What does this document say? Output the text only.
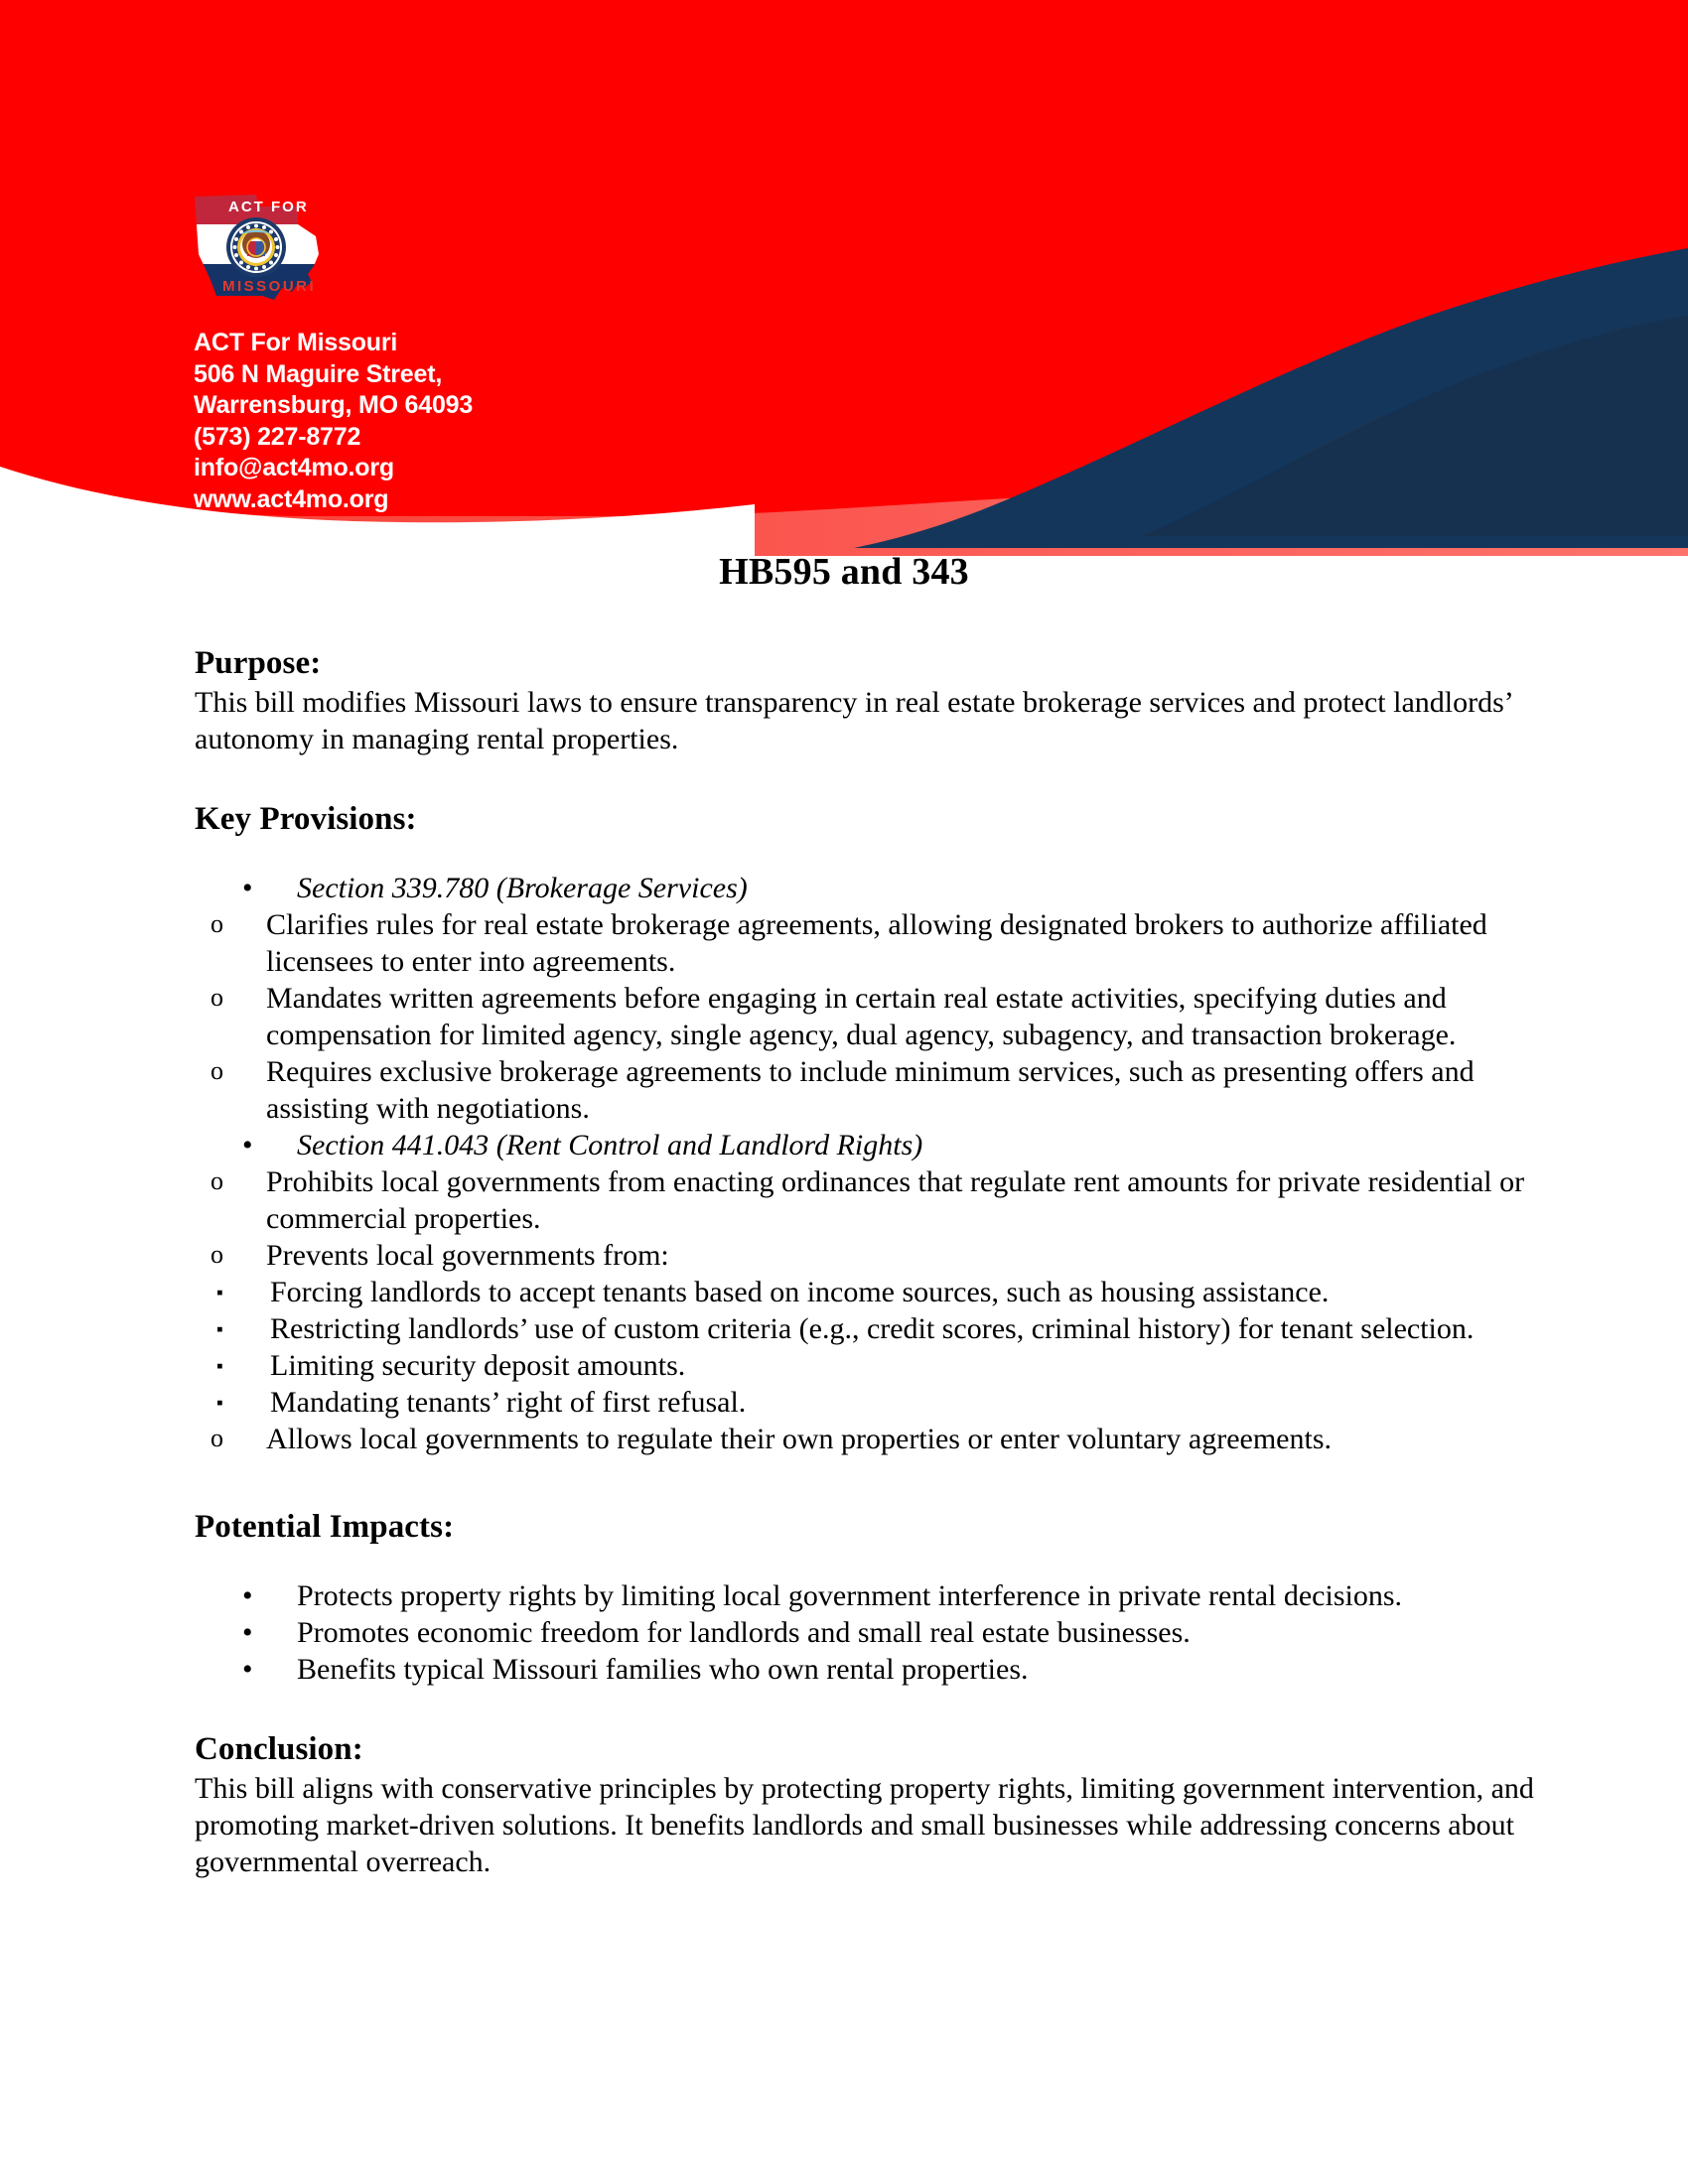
ACT FOR
MISSOURI
ACT For Missouri
506 N Maguire Street,
Warrensburg, MO 64093
(573) 227-8772
info@act4mo.org
www.act4mo.org
HB595 and 343
Purpose:

This bill modifies Missouri laws to ensure transparency in real estate brokerage services and protect landlords’ autonomy in managing rental properties.

Key Provisions:
• Section 339.780 (Brokerage Services)
o Clarifies rules for real estate brokerage agreements, allowing designated brokers to authorize affiliated licensees to enter into agreements.
o Mandates written agreements before engaging in certain real estate activities, specifying duties and compensation for limited agency, single agency, dual agency, subagency, and transaction brokerage.
o Requires exclusive brokerage agreements to include minimum services, such as presenting offers and assisting with negotiations.
• Section 441.043 (Rent Control and Landlord Rights)
o Prohibits local governments from enacting ordinances that regulate rent amounts for private residential or commercial properties.
o Prevents local governments from:
▪ Forcing landlords to accept tenants based on income sources, such as housing assistance.
▪ Restricting landlords’ use of custom criteria (e.g., credit scores, criminal history) for tenant selection.
▪ Limiting security deposit amounts.
▪ Mandating tenants’ right of first refusal.
o Allows local governments to regulate their own properties or enter voluntary agreements.
Potential Impacts:
• Protects property rights by limiting local government interference in private rental decisions.
• Promotes economic freedom for landlords and small real estate businesses.
• Benefits typical Missouri families who own rental properties.
Conclusion:

This bill aligns with conservative principles by protecting property rights, limiting government intervention, and promoting market-driven solutions. It benefits landlords and small businesses while addressing concerns about governmental overreach.
